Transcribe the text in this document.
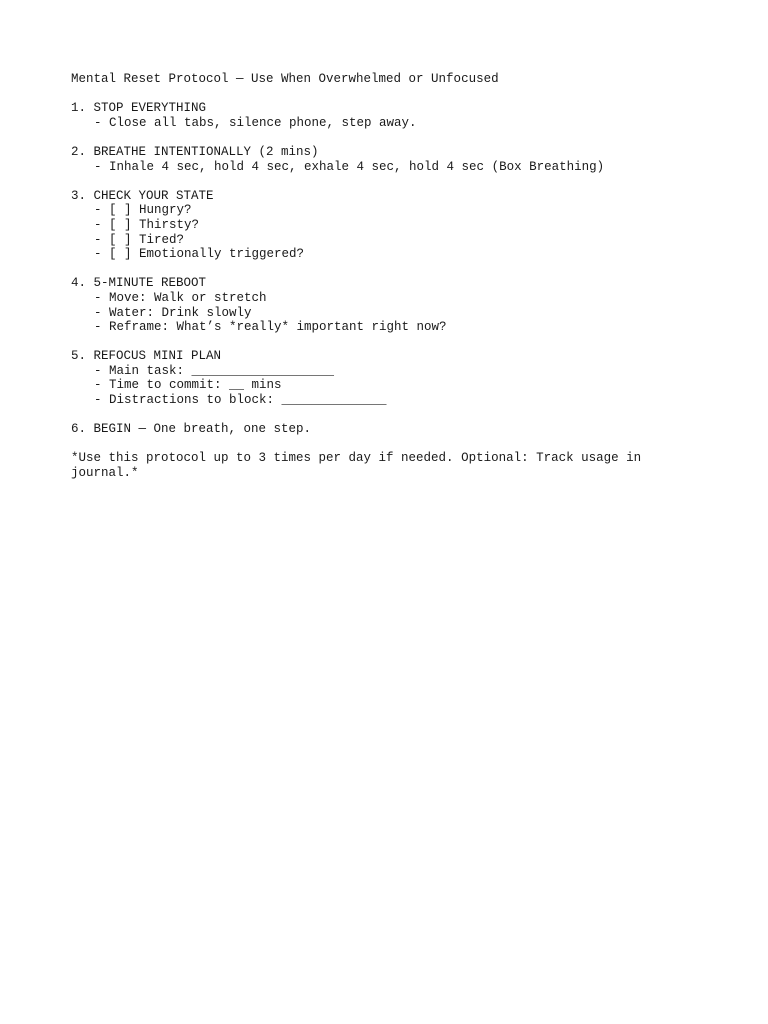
Mental Reset Protocol — Use When Overwhelmed or Unfocused
1. STOP EVERYTHING
- Close all tabs, silence phone, step away.
2. BREATHE INTENTIONALLY (2 mins)
- Inhale 4 sec, hold 4 sec, exhale 4 sec, hold 4 sec (Box Breathing)
3. CHECK YOUR STATE
- [ ] Hungry?
- [ ] Thirsty?
- [ ] Tired?
- [ ] Emotionally triggered?
4. 5-MINUTE REBOOT
- Move: Walk or stretch
- Water: Drink slowly
- Reframe: What’s *really* important right now?
5. REFOCUS MINI PLAN
- Main task: ___________________
- Time to commit: __ mins
- Distractions to block: ______________
6. BEGIN — One breath, one step.
*Use this protocol up to 3 times per day if needed. Optional: Track usage in journal.*
